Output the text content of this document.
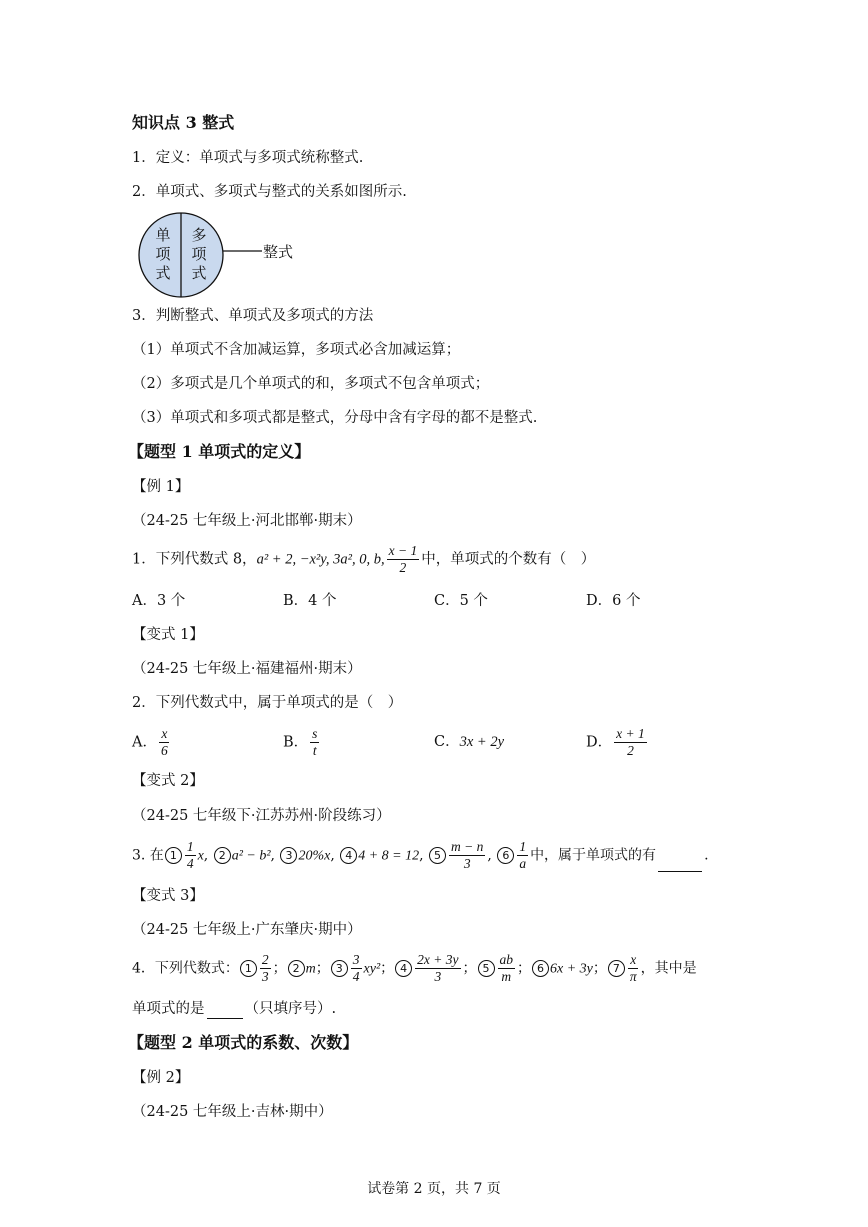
知识点 3 整式
1．定义：单项式与多项式统称整式.
2．单项式、多项式与整式的关系如图所示.
单
项
式
多
项
式
整式
3．判断整式、单项式及多项式的方法
（1）单项式不含加减运算，多项式必含加减运算；
（2）多项式是几个单项式的和，多项式不包含单项式；
（3）单项式和多项式都是整式，分母中含有字母的都不是整式.
【题型 1 单项式的定义】
【例 1】
（24-25 七年级上·河北邯郸·期末）
1．下列代数式 8，a² + 2, −x²y, 3a², 0, b, $\frac{x - 1}{2}$ 中，单项式的个数有（　）
A．3 个	B．4 个	C．5 个	D．6 个
【变式 1】
（24-25 七年级上·福建福州·期末）
2．下列代数式中，属于单项式的是（　）
A． $\frac{x}{6}$	B． $\frac{s}{t}$	C．3x + 2y	D． $\frac{x + 1}{2}$
【变式 2】
（24-25 七年级下·江苏苏州·阶段练习）
3. 在 $1 \frac{1}{4} x$, 2 a² − b², 3 20%x, 4 4 + 8 = 12, $5 \frac{m - n}{3}$ , $6 \frac{1}{a}$ 中，属于单项式的有	.
【变式 3】
（24-25 七年级上·广东肇庆·期中）
4．下列代数式： $1 \frac{2}{3}$ ； 2 m； $3 \frac{3}{4} xy^2$； $4 \frac{2x + 3y}{3}$ ； $5 \frac{ab}{m}$ ； 6 6x + 3y； $7 \frac{x}{\pi}$ ，其中是
单项式的是	（只填序号）.
【题型 2 单项式的系数、次数】
【例 2】
（24-25 七年级上·吉林·期中）
试卷第 2 页，共 7 页
